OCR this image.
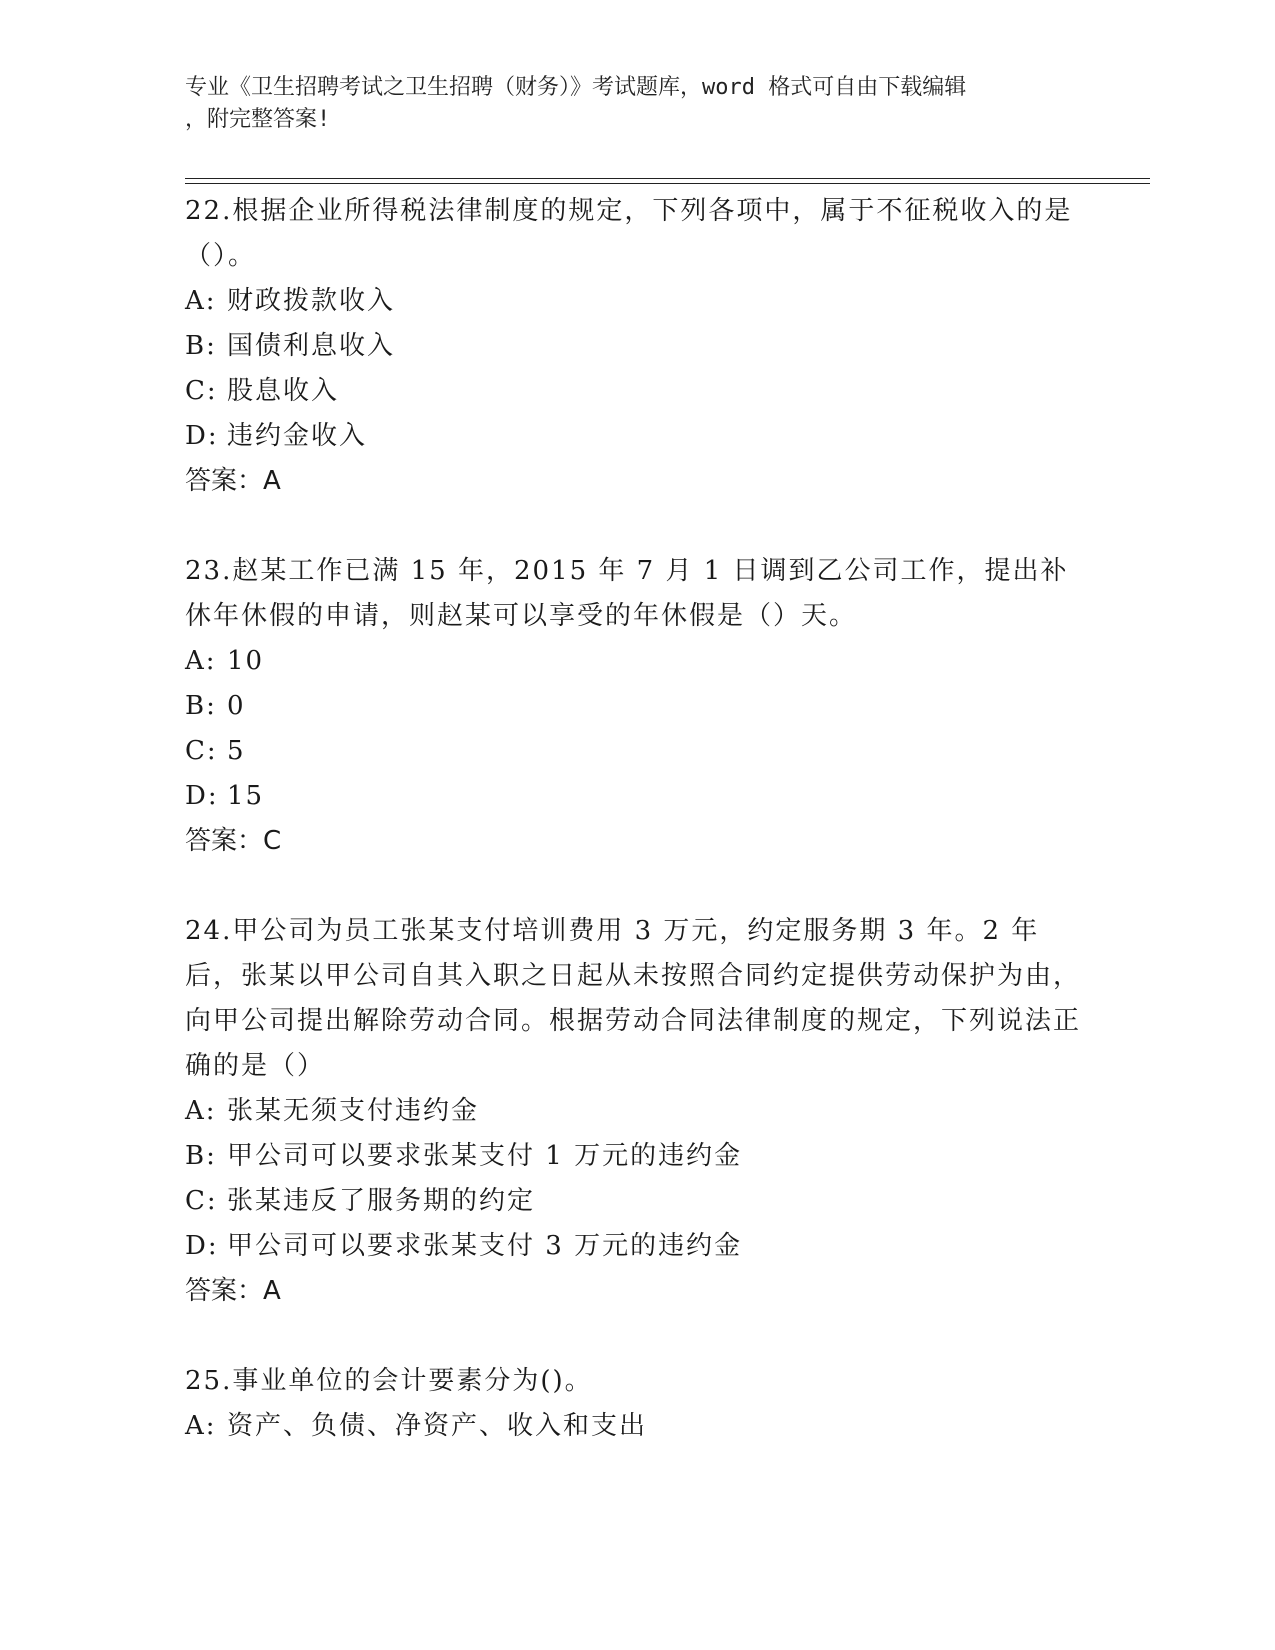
专业《卫生招聘考试之卫生招聘（财务）》考试题库，word 格式可自由下载编辑
，附完整答案!

22.根据企业所得税法律制度的规定，下列各项中，属于不征税收入的是（）。

A: 财政拨款收入

B: 国债利息收入

C: 股息收入

D: 违约金收入

答案：A

23.赵某工作已满 15 年，2015 年 7 月 1 日调到乙公司工作，提出补休年休假的申请，则赵某可以享受的年休假是（）天。

A: 10

B: 0

C: 5

D: 15

答案：C

24.甲公司为员工张某支付培训费用 3 万元，约定服务期 3 年。2 年后，张某以甲公司自其入职之日起从未按照合同约定提供劳动保护为由，向甲公司提出解除劳动合同。根据劳动合同法律制度的规定，下列说法正确的是（）

A: 张某无须支付违约金

B: 甲公司可以要求张某支付 1 万元的违约金

C: 张某违反了服务期的约定

D: 甲公司可以要求张某支付 3 万元的违约金

答案：A

25.事业单位的会计要素分为()。

A: 资产、负债、净资产、收入和支出
